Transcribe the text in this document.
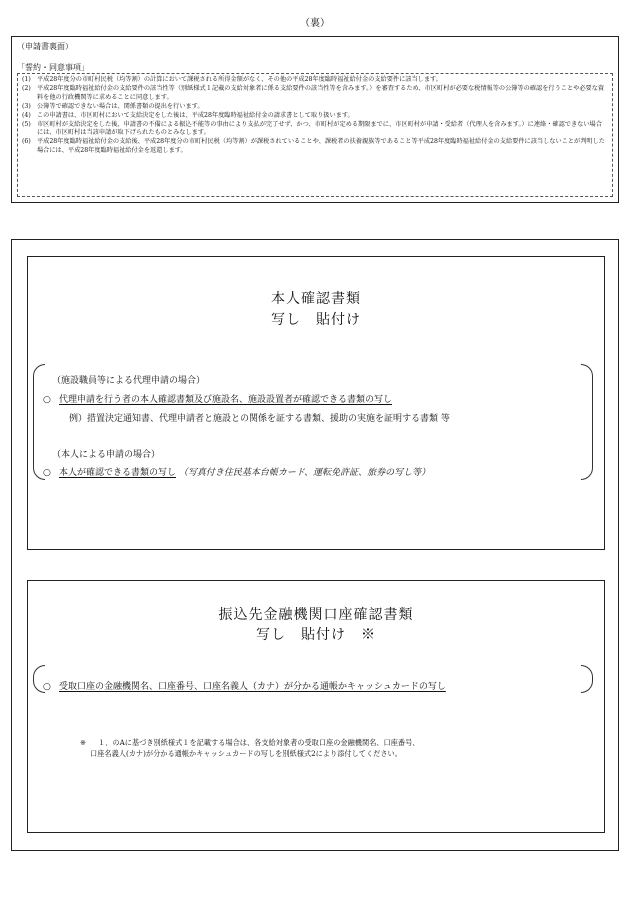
（裏）
（申請書裏面）
「誓約・同意事項」
(1)	平成28年度分の市町村民税（均等割）の計算において課税される所得金額がなく、その他の平成28年度臨時福祉給付金の支給要件に該当します。
(2)	平成28年度臨時福祉給付金の支給要件の該当性等（別紙様式１記載の支給対象者に係る支給要件の該当性等を含みます。）を審査するため、市区町村が必要な税情報等の公簿等の確認を行うことや必要な資料を他の行政機関等に求めることに同意します。
(3)	公簿等で確認できない場合は、関係書類の提出を行います。
(4)	この申請書は、市区町村において支給決定をした後は、平成28年度臨時福祉給付金の請求書として取り扱います。
(5)	市区町村が支給決定をした後、申請書の不備による振込不能等の事由により支払が完了せず、かつ、市町村が定める期限までに、市区町村が申請・受給者（代理人を含みます。）に連絡・確認できない場合には、市区町村は当該申請が取下げられたものとみなします。
(6)	平成28年度臨時福祉給付金の支給後、平成28年度分の市町村民税（均等割）が課税されていることや、課税者の扶養親族等であること等平成28年度臨時福祉給付金の支給要件に該当しないことが判明した場合には、平成28年度臨時福祉給付金を返還します。
本人確認書類
写し　貼付け
（施設職員等による代理申請の場合）
○ 代理申請を行う者の本人確認書類及び施設名、施設設置者が確認できる書類の写し
例）措置決定通知書、代理申請者と施設との関係を証する書類、援助の実施を証明する書類 等
（本人による申請の場合）
○ 本人が確認できる書類の写し （写真付き住民基本台帳カード、運転免許証、旅券の写し等）
振込先金融機関口座確認書類
写し　貼付け　※
○ 受取口座の金融機関名、口座番号、口座名義人（カナ）が分かる通帳かキャッシュカードの写し
※ １．のAに基づき別紙様式１を記載する場合は、各支給対象者の受取口座の金融機関名、口座番号、
口座名義人(カナ)が分かる通帳かキャッシュカードの写しを別紙様式2により添付してください。
